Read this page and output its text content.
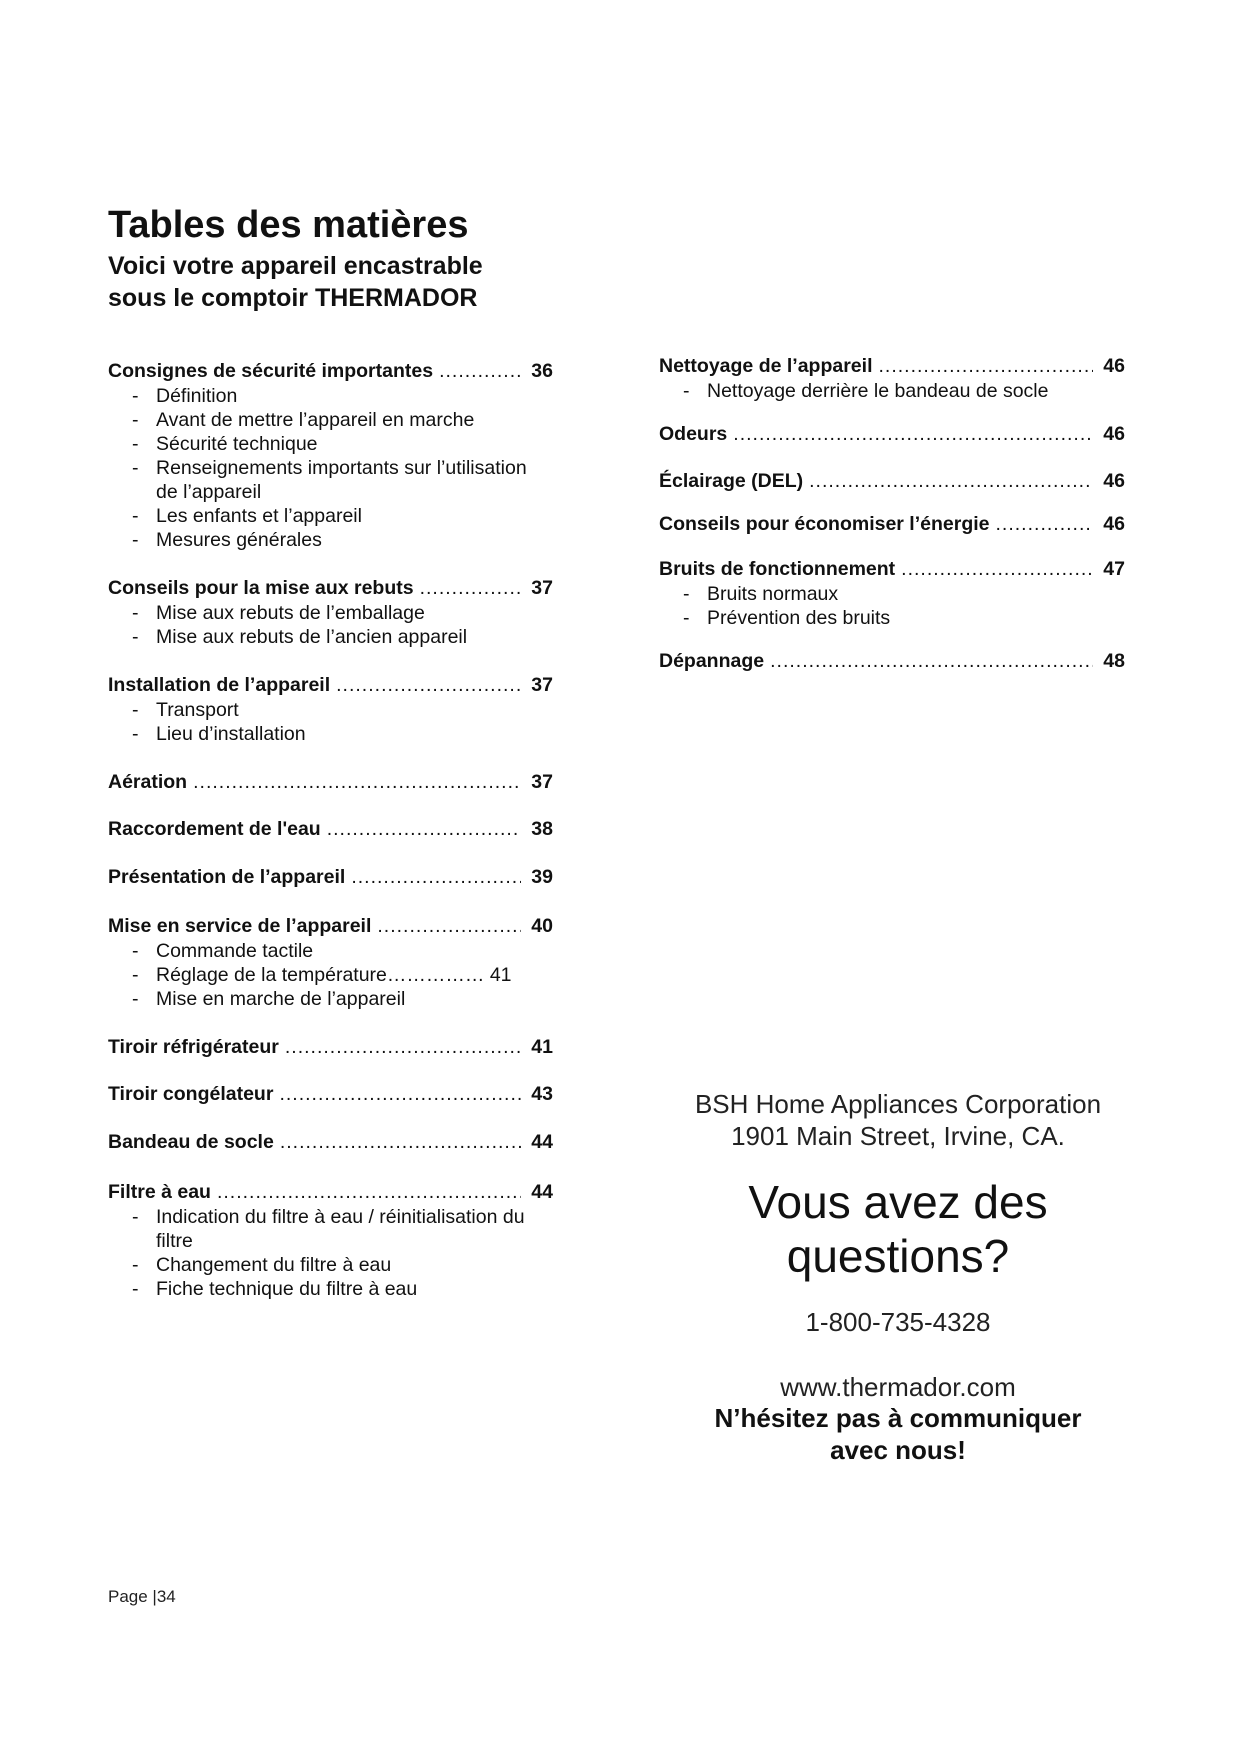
Tables des matières
Voici votre appareil encastrable
sous le comptoir THERMADOR
Consignes de sécurité importantes .....	36
- Définition
- Avant de mettre l’appareil en marche
- Sécurité technique
- Renseignements importants sur l’utilisation de l’appareil
- Les enfants et l’appareil
- Mesures générales
Conseils pour la mise aux rebuts .....	37
- Mise aux rebuts de l’emballage
- Mise aux rebuts de l’ancien appareil
Installation de l’appareil .....	37
- Transport
- Lieu d’installation
Aération .....	37
Raccordement de l'eau .....	38
Présentation de l’appareil .....	39
Mise en service de l’appareil .....	40
- Commande tactile
- Réglage de la température…………… 41
- Mise en marche de l’appareil
Tiroir réfrigérateur .....	41
Tiroir congélateur .....	43
Bandeau de socle .....	44
Filtre à eau .....	44
- Indication du filtre à eau / réinitialisation du filtre
- Changement du filtre à eau
- Fiche technique du filtre à eau
Nettoyage de l’appareil .....	46
- Nettoyage derrière le bandeau de socle
Odeurs .....	46
Éclairage (DEL) .....	46
Conseils pour économiser l’énergie .....	46
Bruits de fonctionnement .....	47
- Bruits normaux
- Prévention des bruits
Dépannage .....	48

BSH Home Appliances Corporation

1901 Main Street, Irvine, CA.

Vous avez des
questions?

1-800-735-4328

www.thermador.com

N’hésitez pas à communiquer
avec nous!

Page |34
